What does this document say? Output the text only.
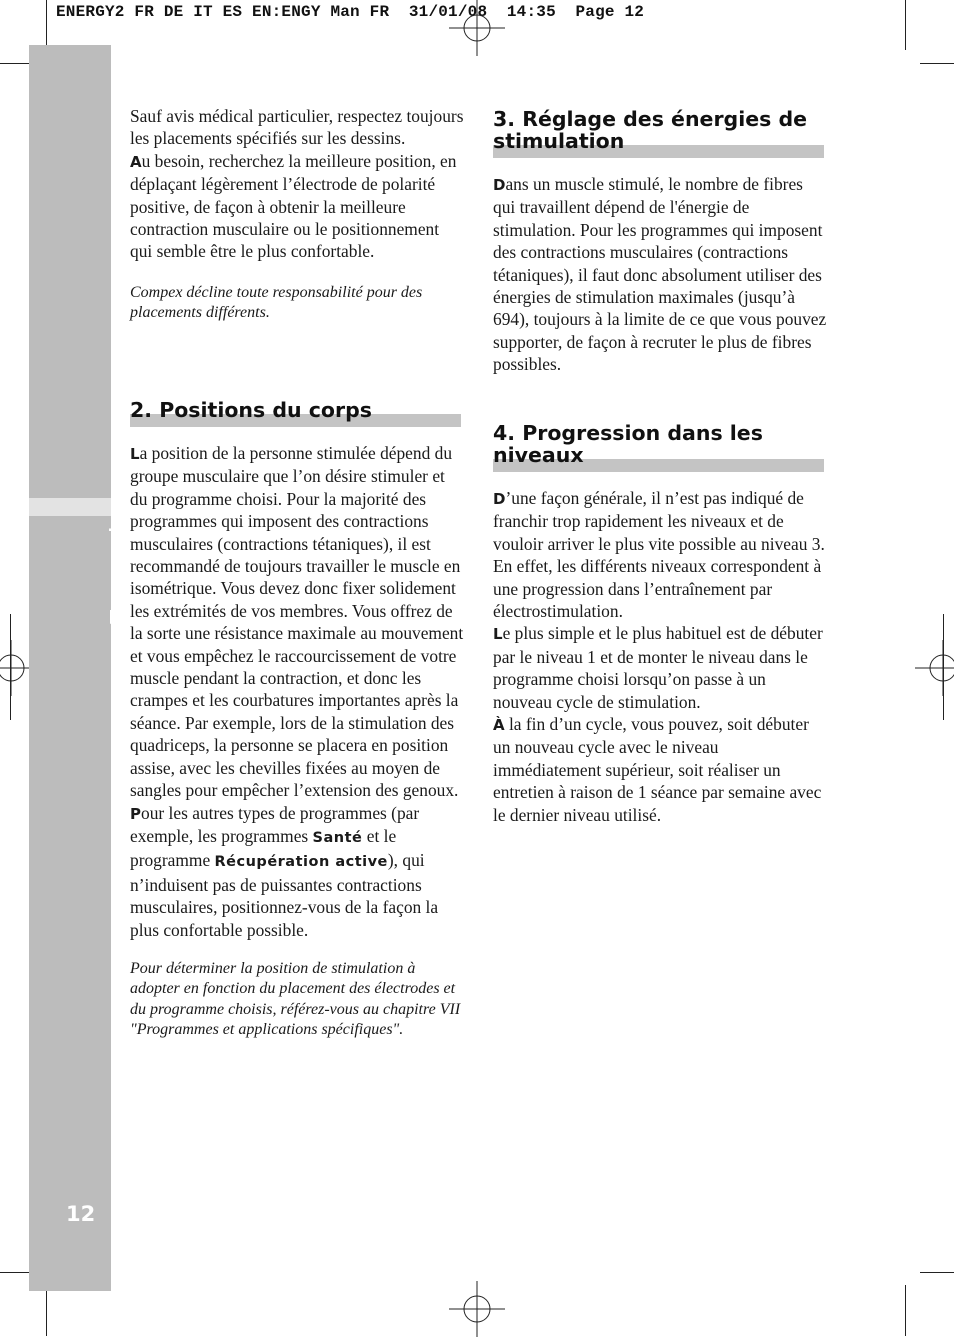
ENERGY2 FR DE IT ES EN:ENGY Man FR  31/01/08  14:35  Page 12
Français
12

Sauf avis médical particulier, respectez toujours les placements spécifiés sur les dessins.

Au besoin, recherchez la meilleure position, en déplaçant légèrement l’électrode de polarité positive, de façon à obtenir la meilleure contraction musculaire ou le positionnement qui semble être le plus confortable.

Compex décline toute responsabilité pour des placements différents.

2. Positions du corps

La position de la personne stimulée dépend du groupe musculaire que l’on désire stimuler et du programme choisi. Pour la majorité des programmes qui imposent des contractions musculaires (contractions tétaniques), il est recommandé de toujours travailler le muscle en isométrique. Vous devez donc fixer solidement les extrémités de vos membres. Vous offrez de la sorte une résistance maximale au mouvement et vous empêchez le raccourcissement de votre muscle pendant la contraction, et donc les crampes et les courbatures importantes après la séance. Par exemple, lors de la stimulation des quadriceps, la personne se placera en position assise, avec les chevilles fixées au moyen de sangles pour empêcher l’extension des genoux.

Pour les autres types de programmes (par exemple, les programmes Santé et le programme Récupération active), qui n’induisent pas de puissantes contractions musculaires, positionnez-vous de la façon la plus confortable possible.

Pour déterminer la position de stimulation à adopter en fonction du placement des électrodes et du programme choisis, référez-vous au chapitre VII "Programmes et applications spécifiques".

3. Réglage des énergies de
stimulation

Dans un muscle stimulé, le nombre de fibres qui travaillent dépend de l'énergie de stimulation. Pour les programmes qui imposent des contractions musculaires (contractions tétaniques), il faut donc absolument utiliser des énergies de stimulation maximales (jusqu’à 694), toujours à la limite de ce que vous pouvez supporter, de façon à recruter le plus de fibres possibles.

4. Progression dans les
niveaux

D’une façon générale, il n’est pas indiqué de franchir trop rapidement les niveaux et de vouloir arriver le plus vite possible au niveau 3. En effet, les différents niveaux correspondent à une progression dans l’entraînement par électrostimulation.

Le plus simple et le plus habituel est de débuter par le niveau 1 et de monter le niveau dans le programme choisi lorsqu’on passe à un nouveau cycle de stimulation.

À la fin d’un cycle, vous pouvez, soit débuter un nouveau cycle avec le niveau immédiatement supérieur, soit réaliser un entretien à raison de 1 séance par semaine avec le dernier niveau utilisé.
